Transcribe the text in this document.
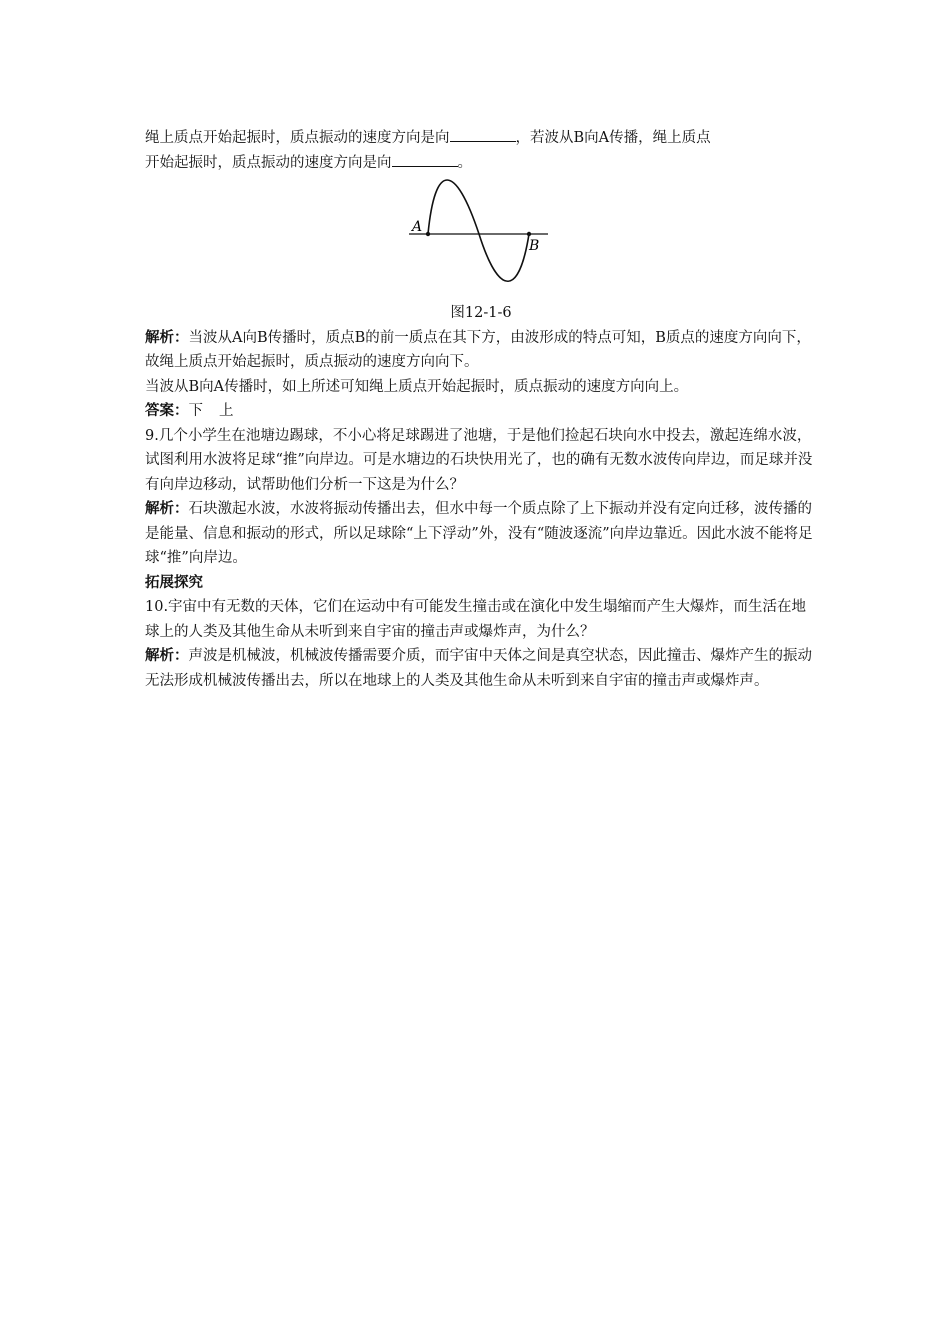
绳上质点开始起振时，质点振动的速度方向是向	，若波从B向A传播，绳上质点
开始起振时，质点振动的速度方向是向	。

A
B

图12-1-6

解析：当波从A向B传播时，质点B的前一质点在其下方，由波形成的特点可知，B质点的速度方向向下，故绳上质点开始起振时，质点振动的速度方向向下。

当波从B向A传播时，如上所述可知绳上质点开始起振时，质点振动的速度方向向上。

答案：下 上

9.几个小学生在池塘边踢球，不小心将足球踢进了池塘，于是他们捡起石块向水中投去，激起连绵水波，试图利用水波将足球“推”向岸边。可是水塘边的石块快用光了，也的确有无数水波传向岸边，而足球并没有向岸边移动，试帮助他们分析一下这是为什么？

解析：石块激起水波，水波将振动传播出去，但水中每一个质点除了上下振动并没有定向迁移，波传播的是能量、信息和振动的形式，所以足球除“上下浮动”外，没有“随波逐流”向岸边靠近。因此水波不能将足球“推”向岸边。

拓展探究

10.宇宙中有无数的天体，它们在运动中有可能发生撞击或在演化中发生塌缩而产生大爆炸，而生活在地球上的人类及其他生命从未听到来自宇宙的撞击声或爆炸声，为什么？

解析：声波是机械波，机械波传播需要介质，而宇宙中天体之间是真空状态，因此撞击、爆炸产生的振动无法形成机械波传播出去，所以在地球上的人类及其他生命从未听到来自宇宙的撞击声或爆炸声。
